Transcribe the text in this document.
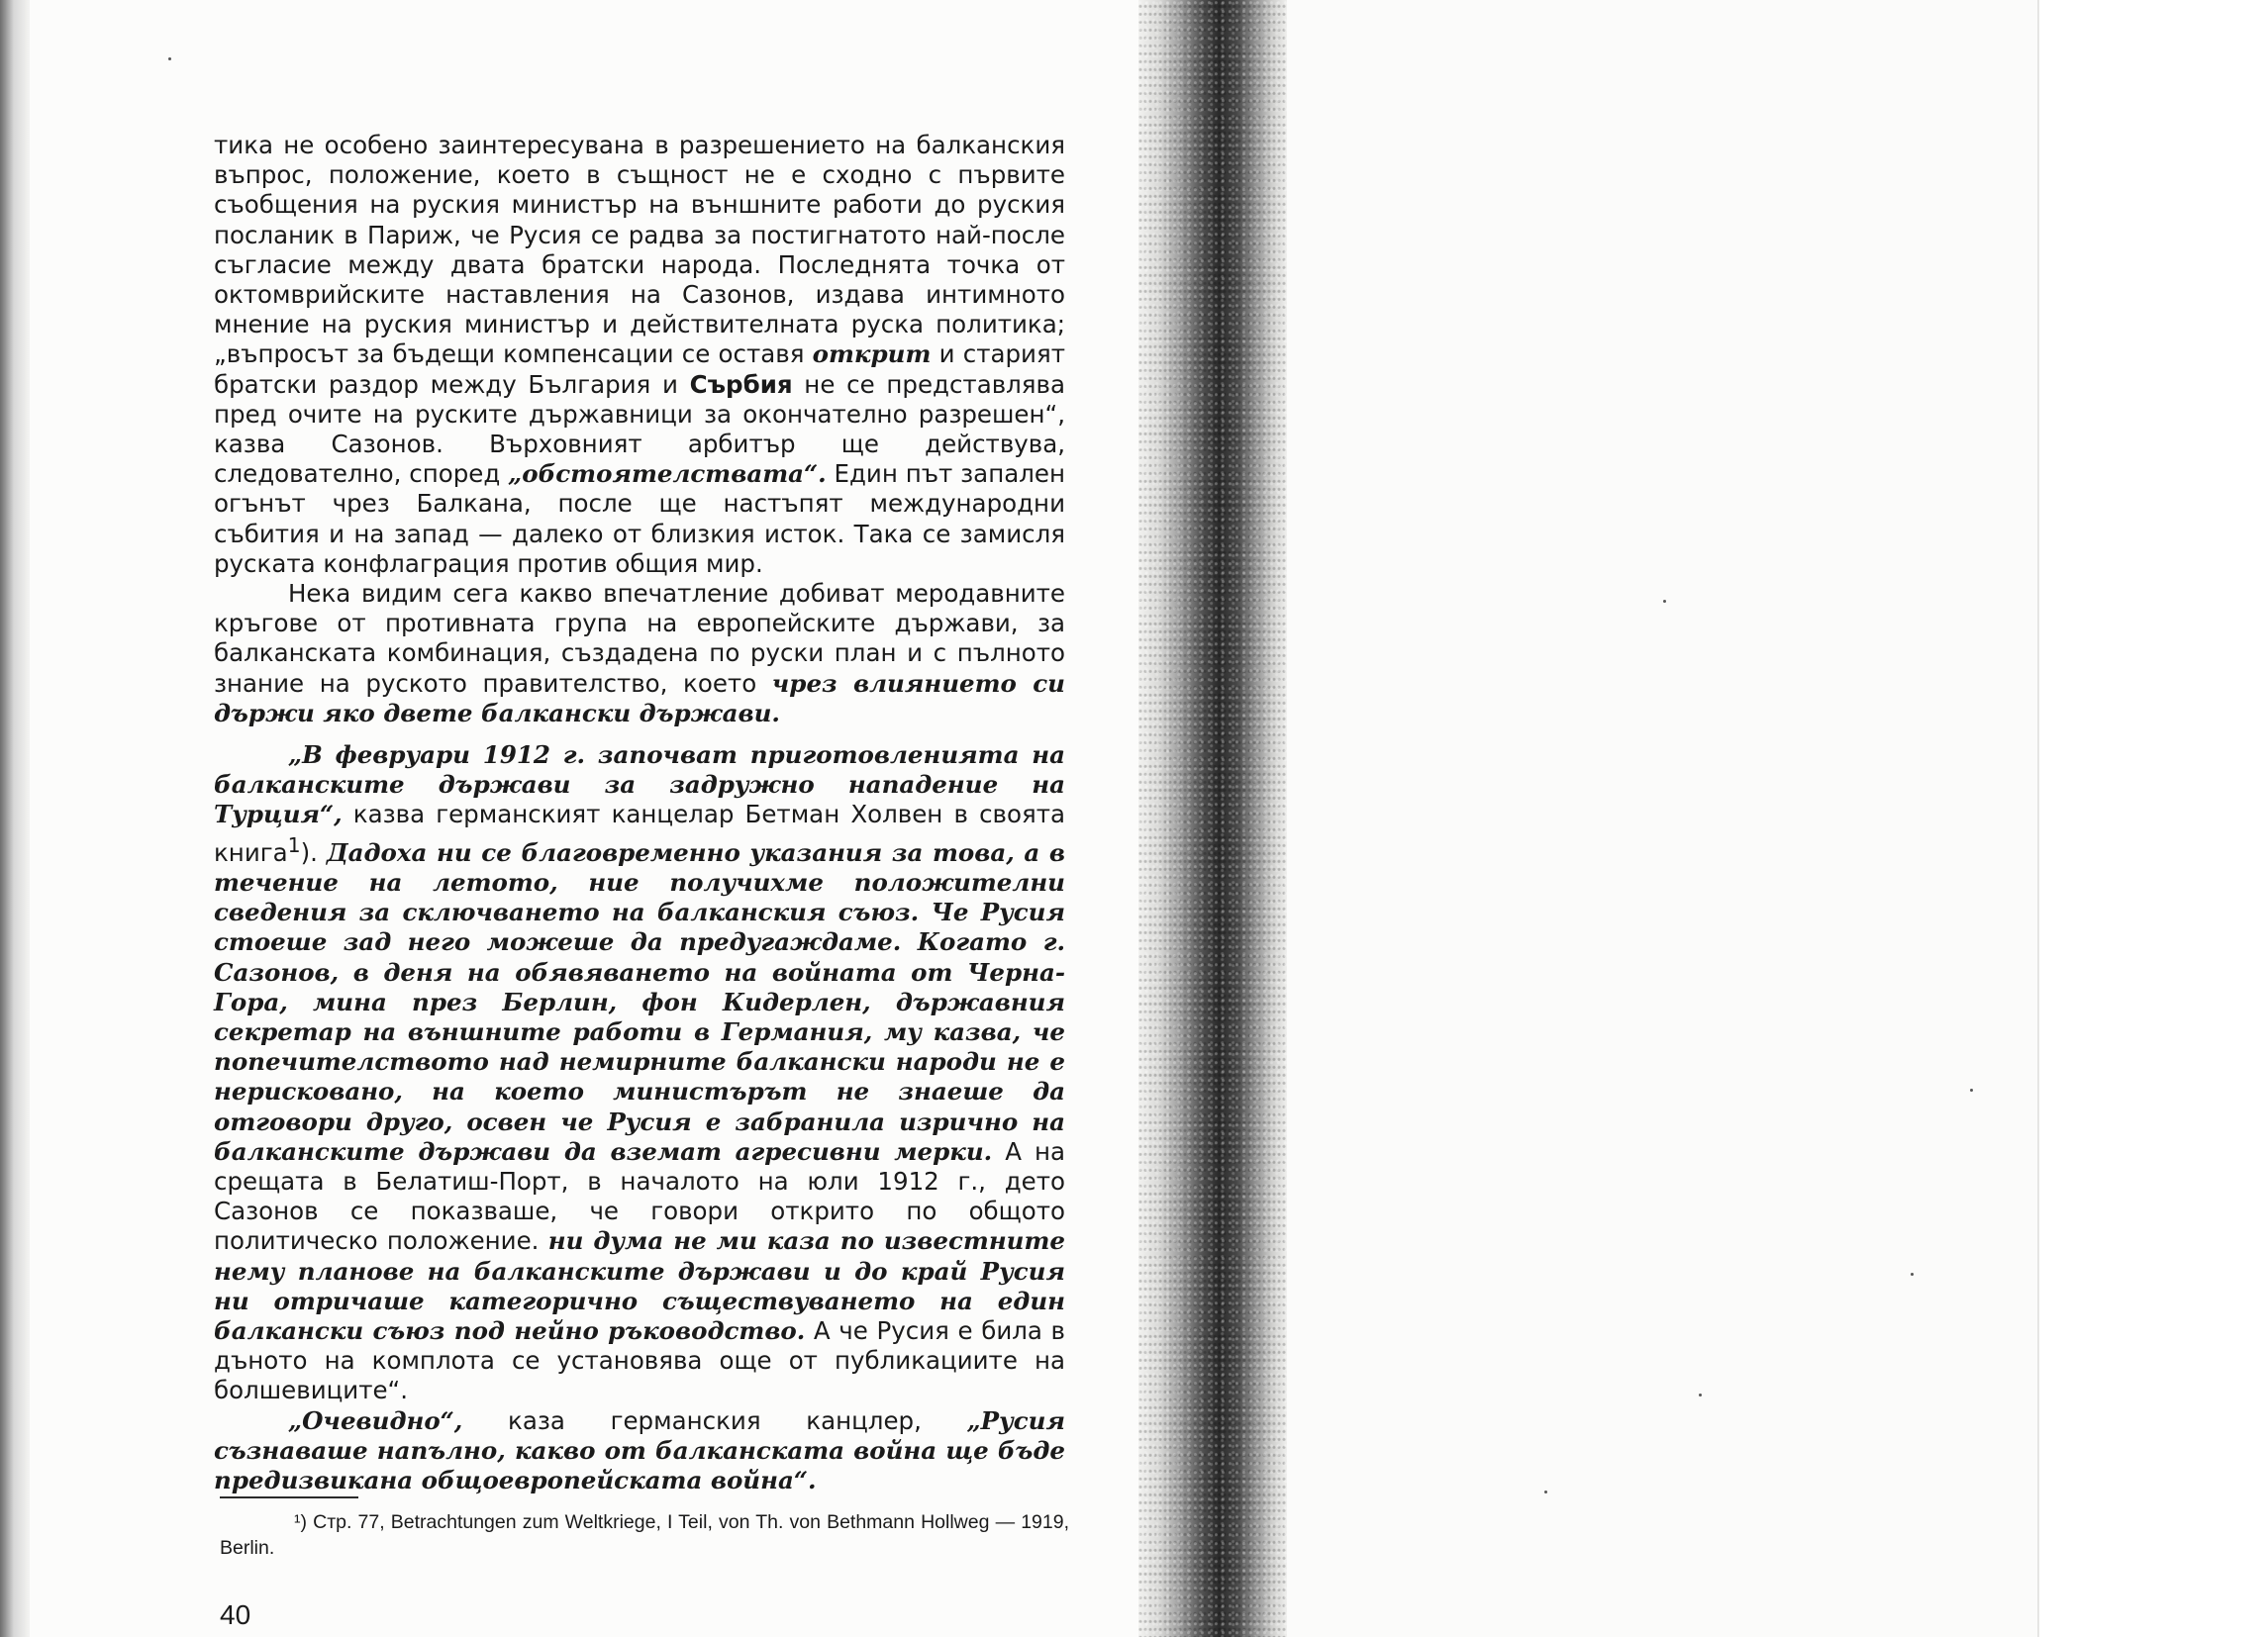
тика не особено заинтересувана в разрешението на балканския въпрос, положение, което в същност не е сходно с първите съобщения на руския министър на външните работи до руския посланик в Париж, че Русия се радва за постигнатото най-после съгласие между двата братски народа. Последнята точка от октомврийските наставления на Сазонов, издава интимното мнение на руския министър и действителната руска политика; „въпросът за бъдещи компенсации се оставя открит и старият братски раздор между България и Сърбия не се представлява пред очите на руските държавници за окончателно разрешен“, казва Сазонов. Върховният арбитър ще действува, следователно, според „обстоятелствата“. Един път запален огънът чрез Балкана, после ще настъпят международни събития и на запад — далеко от близкия исток. Така се замисля руската конфлаграция против общия мир.

Нека видим сега какво впечатление добиват меродавните кръгове от противната група на европейските държави, за балканската комбинация, създадена по руски план и с пълното знание на руското правителство, което чрез влиянието си държи яко двете балкански държави.

„В февруари 1912 г. започват приготовленията на балканските държави за задружно нападение на Турция“, казва германският канцелар Бетман Холвен в своята книга$^1$). Дадоха ни се благовременно указания за това, а в течение на летото, ние получихме положителни сведения за сключването на балканския съюз. Че Русия стоеше зад него можеше да предугаждаме. Когато г. Сазонов, в деня на обявяването на войната от Черна-Гора, мина през Берлин, фон Кидерлен, държавния секретар на външните работи в Германия, му казва, че попечителството над немирните балкански народи не е нерисковано, на което министърът не знаеше да отговори друго, освен че Русия е забранила изрично на балканските държави да вземат агресивни мерки. А на срещата в Белатиш-Порт, в началото на юли 1912 г., дето Сазонов се показваше, че говори открито по общото политическо положение. ни дума не ми каза по известните нему планове на балканските държави и до край Русия ни отричаше категорично съществуването на един балкански съюз под нейно ръководство. А че Русия е била в дъното на комплота се установява още от публикациите на болшевиците“.

„Очевидно“, каза германския канцлер, „Русия съзнаваше напълно, какво от балканската война ще бъде предизвикана общоевропейската война“.

¹) Стр. 77, Betrachtungen zum Weltkriege, I Teil, von Th. von Bethmann Hollweg — 1919, Berlin.
40
